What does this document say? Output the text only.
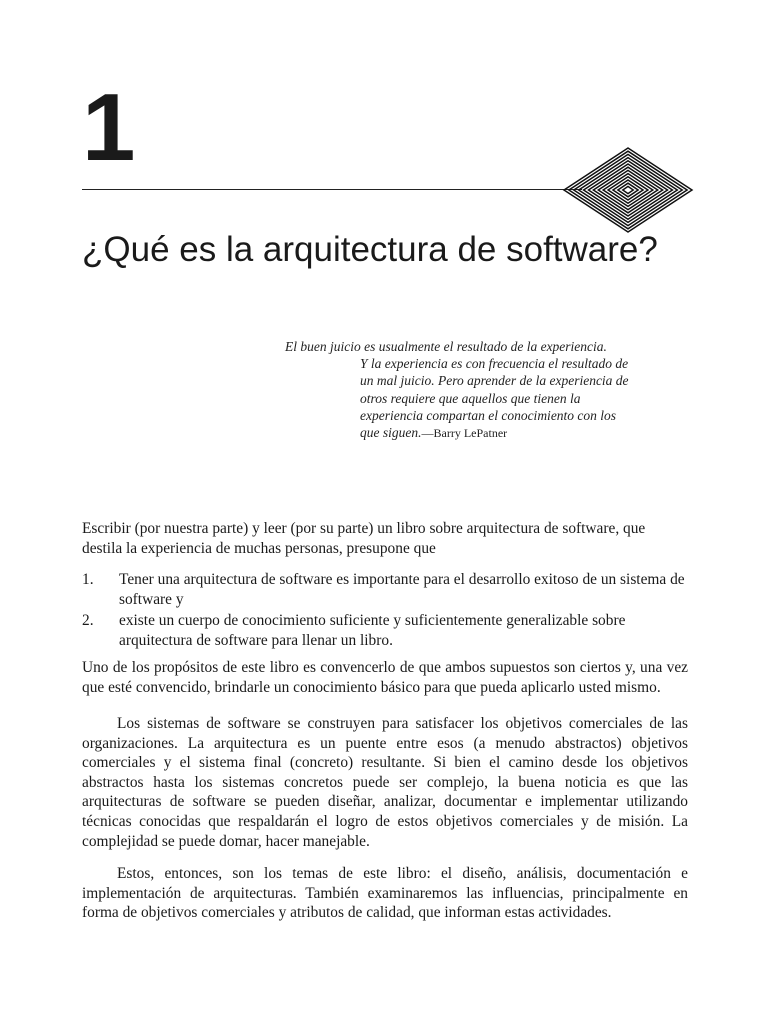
1
¿Qué es la arquitectura de software?
El buen juicio es usualmente el resultado de la experiencia.
Y la experiencia es con frecuencia el resultado de un mal juicio. Pero aprender de la experiencia de otros requiere que aquellos que tienen la experiencia compartan el conocimiento con los que siguen.—Barry LePatner

Escribir (por nuestra parte) y leer (por su parte) un libro sobre arquitectura de software, que destila la experiencia de muchas personas, presupone que

1. Tener una arquitectura de software es importante para el desarrollo exitoso de un sistema de software y
2. existe un cuerpo de conocimiento suficiente y suficientemente generalizable sobre arquitectura de software para llenar un libro.

Uno de los propósitos de este libro es convencerlo de que ambos supuestos son ciertos y, una vez que esté convencido, brindarle un conocimiento básico para que pueda aplicarlo usted mismo.

Los sistemas de software se construyen para satisfacer los objetivos comerciales de las organizaciones. La arquitectura es un puente entre esos (a menudo abstractos) objetivos comerciales y el sistema final (concreto) resultante. Si bien el camino desde los objetivos abstractos hasta los sistemas concretos puede ser complejo, la buena noticia es que las arquitecturas de software se pueden diseñar, analizar, documentar e implementar utilizando técnicas conocidas que respaldarán el logro de estos objetivos comerciales y de misión. La complejidad se puede domar, hacer manejable.

Estos, entonces, son los temas de este libro: el diseño, análisis, documentación e implementación de arquitecturas. También examinaremos las influencias, principalmente en forma de objetivos comerciales y atributos de calidad, que informan estas actividades.
